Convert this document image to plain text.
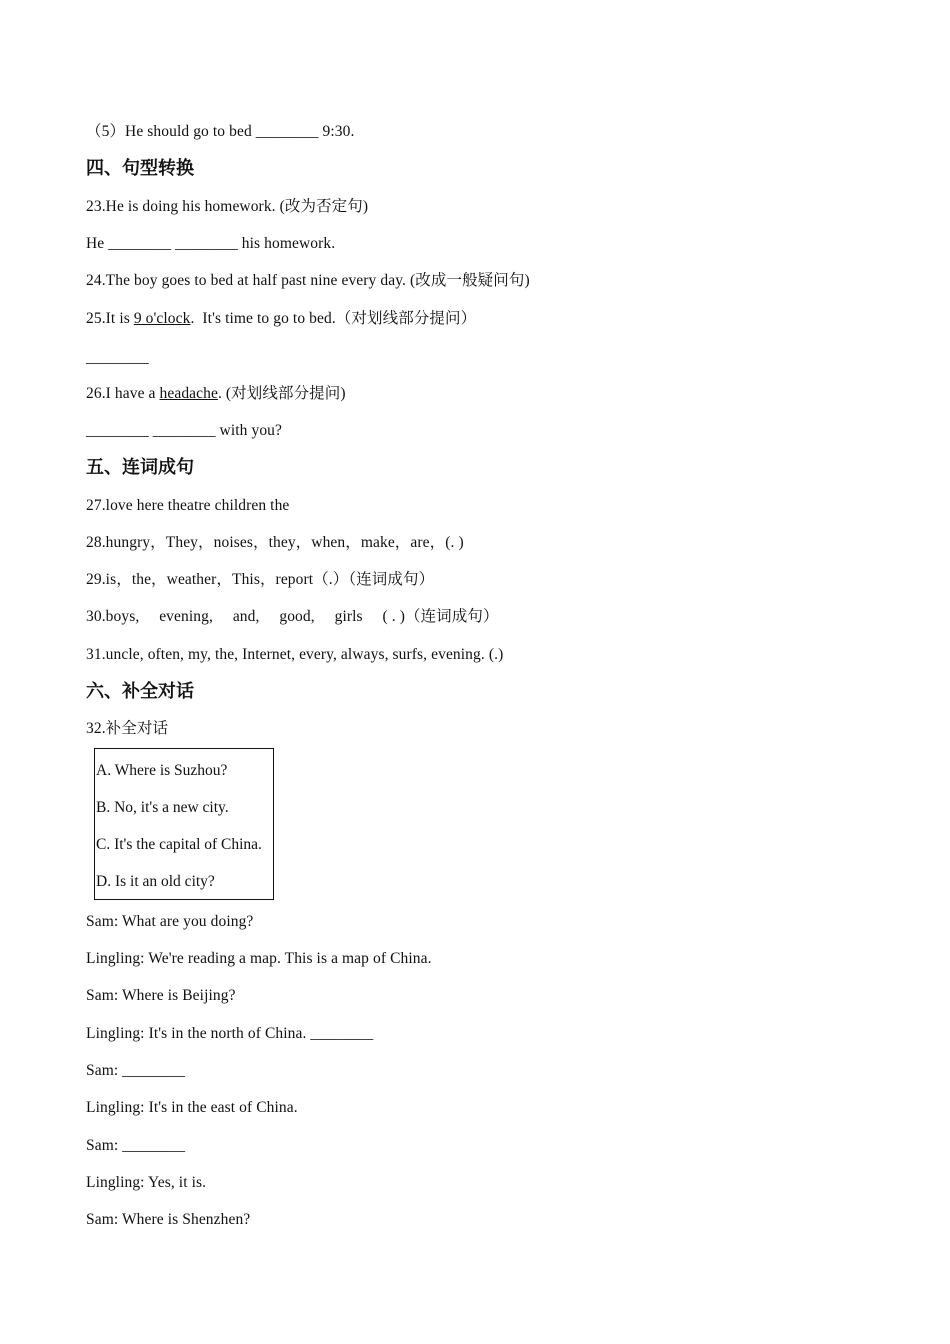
（5）He should go to bed ________ 9:30.
四、句型转换
23.He is doing his homework. (改为否定句)
He ________ ________ his homework.
24.The boy goes to bed at half past nine every day. (改成一般疑问句)
25.It is 9 o'clock.  It's time to go to bed.（对划线部分提问）
________
26.I have a headache. (对划线部分提问)
________ ________ with you?
五、连词成句
27.love here theatre children the
28.hungry，They，noises，they，when，make，are，(. )
29.is，the，weather，This，report（.）（连词成句）
30.boys,     evening,     and,     good,     girls     ( . )（连词成句）
31.uncle, often, my, the, Internet, every, always, surfs, evening. (.)
六、补全对话
32.补全对话
A. Where is Suzhou?
B. No, it's a new city.
C. It's the capital of China.
D. Is it an old city?
Sam: What are you doing?
Lingling: We're reading a map. This is a map of China.
Sam: Where is Beijing?
Lingling: It's in the north of China. ________
Sam: ________
Lingling: It's in the east of China.
Sam: ________
Lingling: Yes, it is.
Sam: Where is Shenzhen?
